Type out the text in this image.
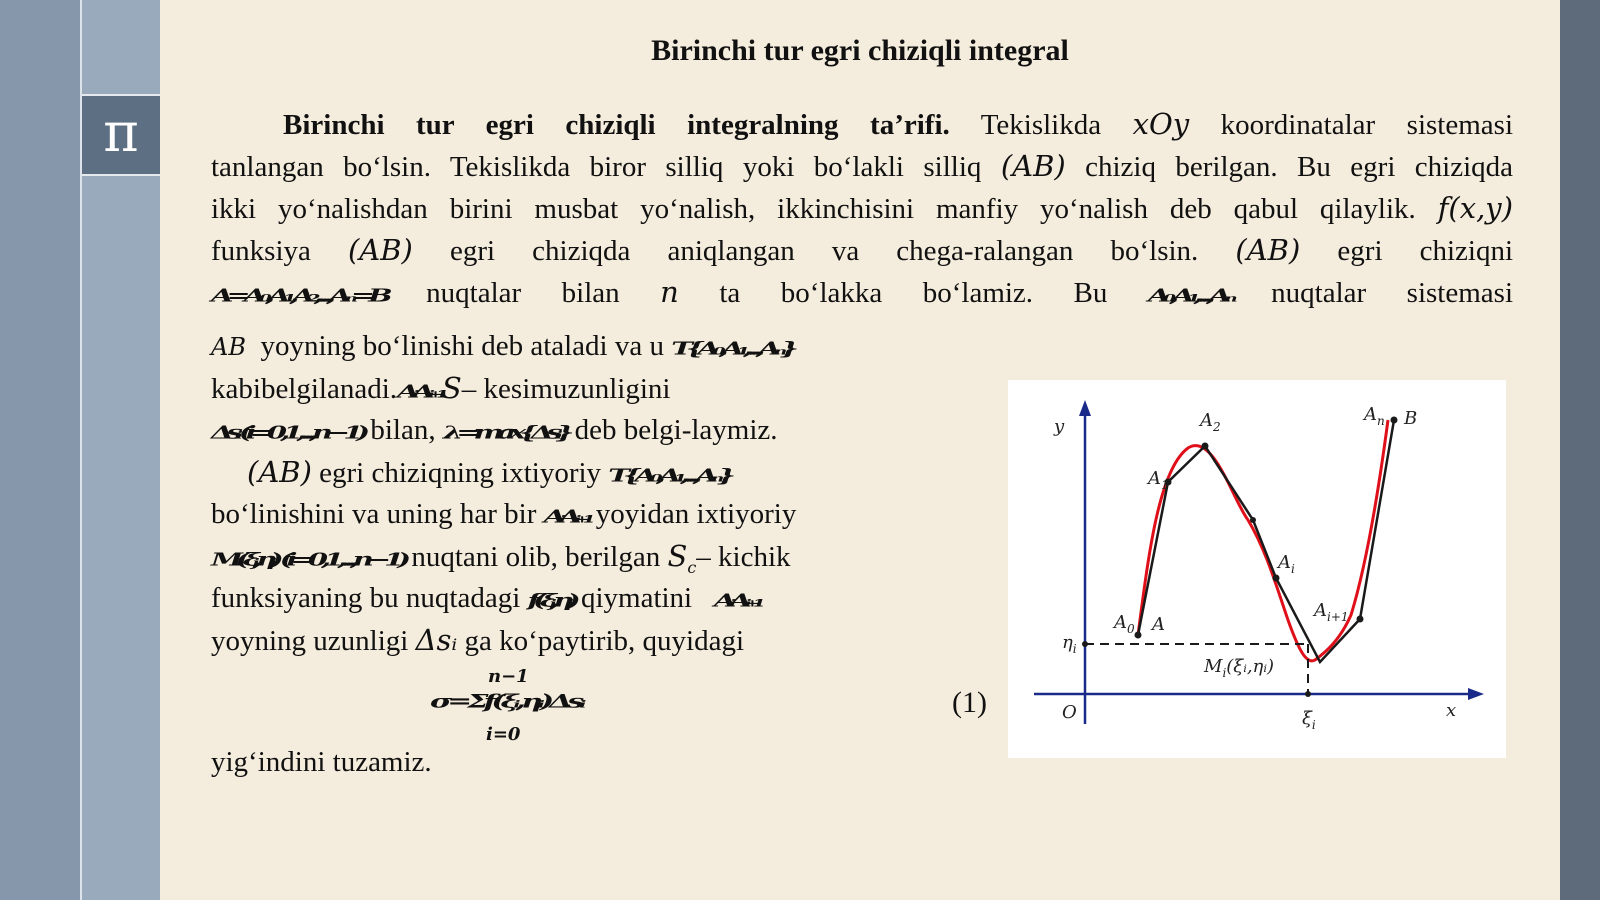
π
Birinchi tur egri chiziqli integral
Birinchi tur egri chiziqli integralning ta’rifi. Tekislikda xOy koordinatalar sistemasi
tanlangan bo‘lsin. Tekislikda biror silliq yoki bo‘lakli silliq (AB) chiziq berilgan. Bu egri chiziqda
ikki yo‘nalishdan birini musbat yo‘nalish, ikkinchisini manfiy yo‘nalish deb qabul qilaylik. f(x,y)
funksiya (AB) egri chiziqda aniqlangan va chega-ralangan bo‘lsin. (AB) egri chiziqni
A=A₀,A₁,A₂,...,Aₙ=B nuqtalar bilan n ta bo‘lakka bo‘lamiz. Bu A₀,A₁,...,Aₙ nuqtalar sistemasi
AB yoyning bo‘linishi deb ataladi va u T{A₀,A₁,...,Aₙ}
kabibelgilanadi.AᵢAᵢ₊₁S– kesimuzunligini
Δsᵢ (i=0,1,...,n−1) bilan, λ=max{Δsᵢ} deb belgi-laymiz.
(AB) egri chiziqning ixtiyoriy T{A₀,A₁,...,Aₙ}
bo‘linishini va uning har bir AᵢAᵢ₊₁ yoyidan ixtiyoriy
Mᵢ(ξᵢ,ηᵢ) (i=0,1,...,n−1) nuqtani olib, berilgan $S_c-$ kichik
funksiyaning bu nuqtadagi f(ξᵢ,ηᵢ) qiymatini AᵢAᵢ₊₁
yoyning uzunligi Δsᵢ ga ko‘paytirib, quyidagi
n−1
σ=Σf(ξᵢ,ηᵢ)Δsᵢ
i=0
(1)
yig‘indini tuzamiz.
y
x
O
$A_0$ A
$A_1$
$A_2$
$A_i$
$A_{i+1}$
$A_n$ B
$\eta_i$
$\xi_i$
$M_i(\xi ᵢ,\eta ᵢ)$
